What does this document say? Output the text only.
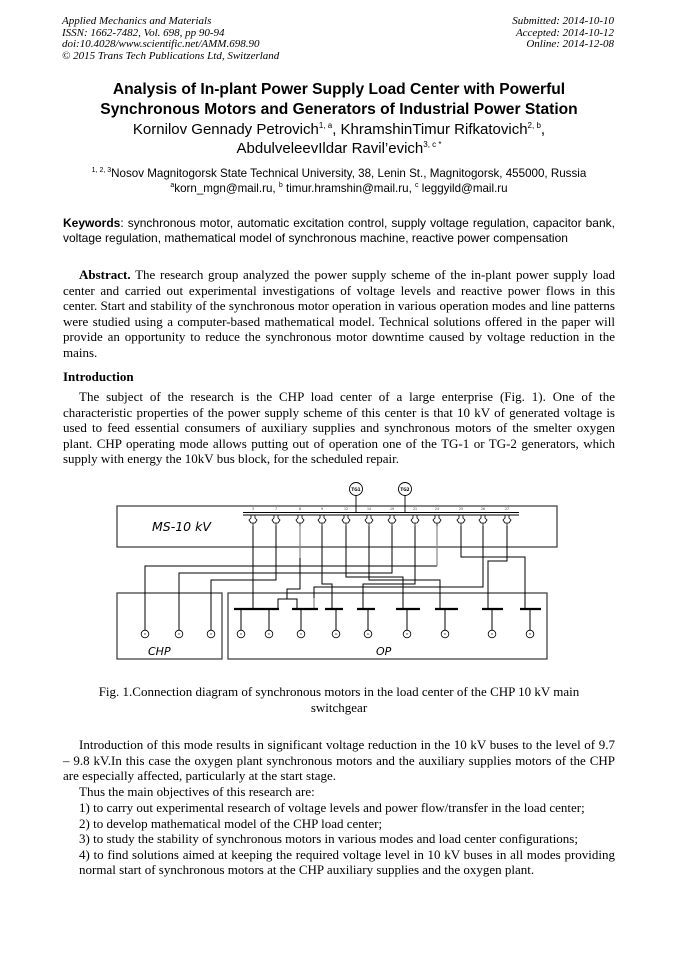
Applied Mechanics and Materials
ISSN: 1662-7482, Vol. 698, pp 90-94
doi:10.4028/www.scientific.net/AMM.698.90
© 2015 Trans Tech Publications Ltd, Switzerland
Submitted: 2014-10-10
Accepted: 2014-10-12
Online: 2014-12-08
Analysis of In-plant Power Supply Load Center with Powerful
Synchronous Motors and Generators of Industrial Power Station
Kornilov Gennady Petrovich$^{1, a}$, KhramshinTimur Rifkatovich$^{2, b}$,
AbdulveleevIldar Ravil’evich$^{3, c *}$
$^{1, 2, 3}$Nosov Magnitogorsk State Technical University, 38, Lenin St., Magnitogorsk, 455000, Russia
$^a$korn_mgn@mail.ru, $^b$ timur.hramshin@mail.ru, $^c$ leggyild@mail.ru
Keywords: synchronous motor, automatic excitation control, supply voltage regulation, capacitor bank, voltage regulation, mathematical model of synchronous machine, reactive power compensation
Abstract. The research group analyzed the power supply scheme of the in-plant power supply load center and carried out experimental investigations of voltage levels and reactive power flows in this center. Start and stability of the synchronous motor operation in various operation modes and line patterns were studied using a computer-based mathematical model. Technical solutions offered in the paper will provide an opportunity to reduce the synchronous motor downtime caused by voltage reduction in the mains.
Introduction
The subject of the research is the CHP load center of a large enterprise (Fig. 1). One of the characteristic properties of the power supply scheme of this center is that 10 kV of generated voltage is used to feed essential consumers of auxiliary supplies and synchronous motors of the smelter oxygen plant. CHP operating mode allows putting out of operation one of the TG-1 or TG-2 generators, which supply with energy the 10kV bus block, for the scheduled repair.
MS-10 kV
CHP	OP
TG1	TG2
3	7	8	9	12	14	19	21	24	25	26	27
M	M	M	M	M	M	M	M	M	M	M	M
Fig. 1.Connection diagram of synchronous motors in the load center of the CHP 10 kV main
switchgear
Introduction of this mode results in significant voltage reduction in the 10 kV buses to the level of 9.7 – 9.8 kV.In this case the oxygen plant synchronous motors and the auxiliary supplies motors of the CHP are especially affected, particularly at the start stage.
Thus the main objectives of this research are:
1) to carry out experimental research of voltage levels and power flow/transfer in the load center;
2) to develop mathematical model of the CHP load center;
3) to study the stability of synchronous motors in various modes and load center configurations;
4) to find solutions aimed at keeping the required voltage level in 10 kV buses in all modes providing normal start of synchronous motors at the CHP auxiliary supplies and the oxygen plant.
